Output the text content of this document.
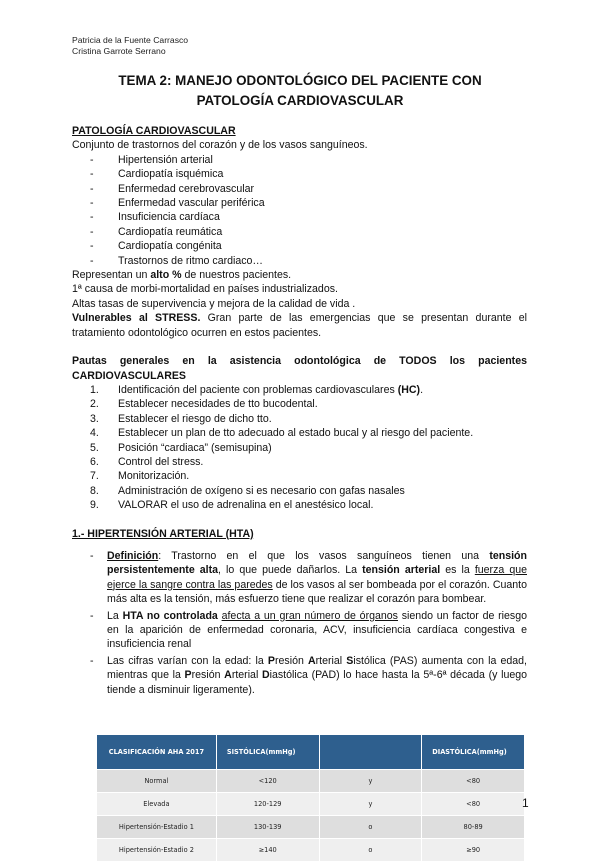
Patricia de la Fuente Carrasco
Cristina Garrote Serrano
TEMA 2: MANEJO ODONTOLÓGICO DEL PACIENTE CON
PATOLOGÍA CARDIOVASCULAR

PATOLOGÍA CARDIOVASCULAR

Conjunto de trastornos del corazón y de los vasos sanguíneos.

- Hipertensión arterial
- Cardiopatía isquémica
- Enfermedad cerebrovascular
- Enfermedad vascular periférica
- Insuficiencia cardíaca
- Cardiopatía reumática
- Cardiopatía congénita
- Trastornos de ritmo cardiaco…

Representan un alto % de nuestros pacientes.

1ª causa de morbi-mortalidad en países industrializados.

Altas tasas de supervivencia y mejora de la calidad de vida .

Vulnerables al STRESS. Gran parte de las emergencias que se presentan durante el tratamiento odontológico ocurren en estos pacientes.

Pautas generales en la asistencia odontológica de TODOS los pacientes CARDIOVASCULARES

1. Identificación del paciente con problemas cardiovasculares (HC).
2. Establecer necesidades de tto bucodental.
3. Establecer el riesgo de dicho tto.
4. Establecer un plan de tto adecuado al estado bucal y al riesgo del paciente.
5. Posición “cardiaca” (semisupina)
6. Control del stress.
7. Monitorización.
8. Administración de oxígeno si es necesario con gafas nasales
9. VALORAR el uso de adrenalina en el anestésico local.

1.- HIPERTENSIÓN ARTERIAL (HTA)

- Definición: Trastorno en el que los vasos sanguíneos tienen una tensión persistentemente alta, lo que puede dañarlos. La tensión arterial es la fuerza que ejerce la sangre contra las paredes de los vasos al ser bombeada por el corazón. Cuanto más alta es la tensión, más esfuerzo tiene que realizar el corazón para bombear.
- La HTA no controlada afecta a un gran número de órganos siendo un factor de riesgo en la aparición de enfermedad coronaria, ACV, insuficiencia cardíaca congestiva e insuficiencia renal
- Las cifras varían con la edad: la Presión Arterial Sistólica (PAS) aumenta con la edad, mientras que la Presión Arterial Diastólica (PAD) lo hace hasta la 5ª-6ª década (y luego tiende a disminuir ligeramente).
CLASIFICACIÓN AHA 2017	SISTÓLICA(mmHg)		DIASTÓLICA(mmHg)
Normal	<120	y	<80
Elevada	120-129	y	<80
Hipertensión-Estadio 1	130-139	o	80-89
Hipertensión-Estadio 2	≥140	o	≥90
1
